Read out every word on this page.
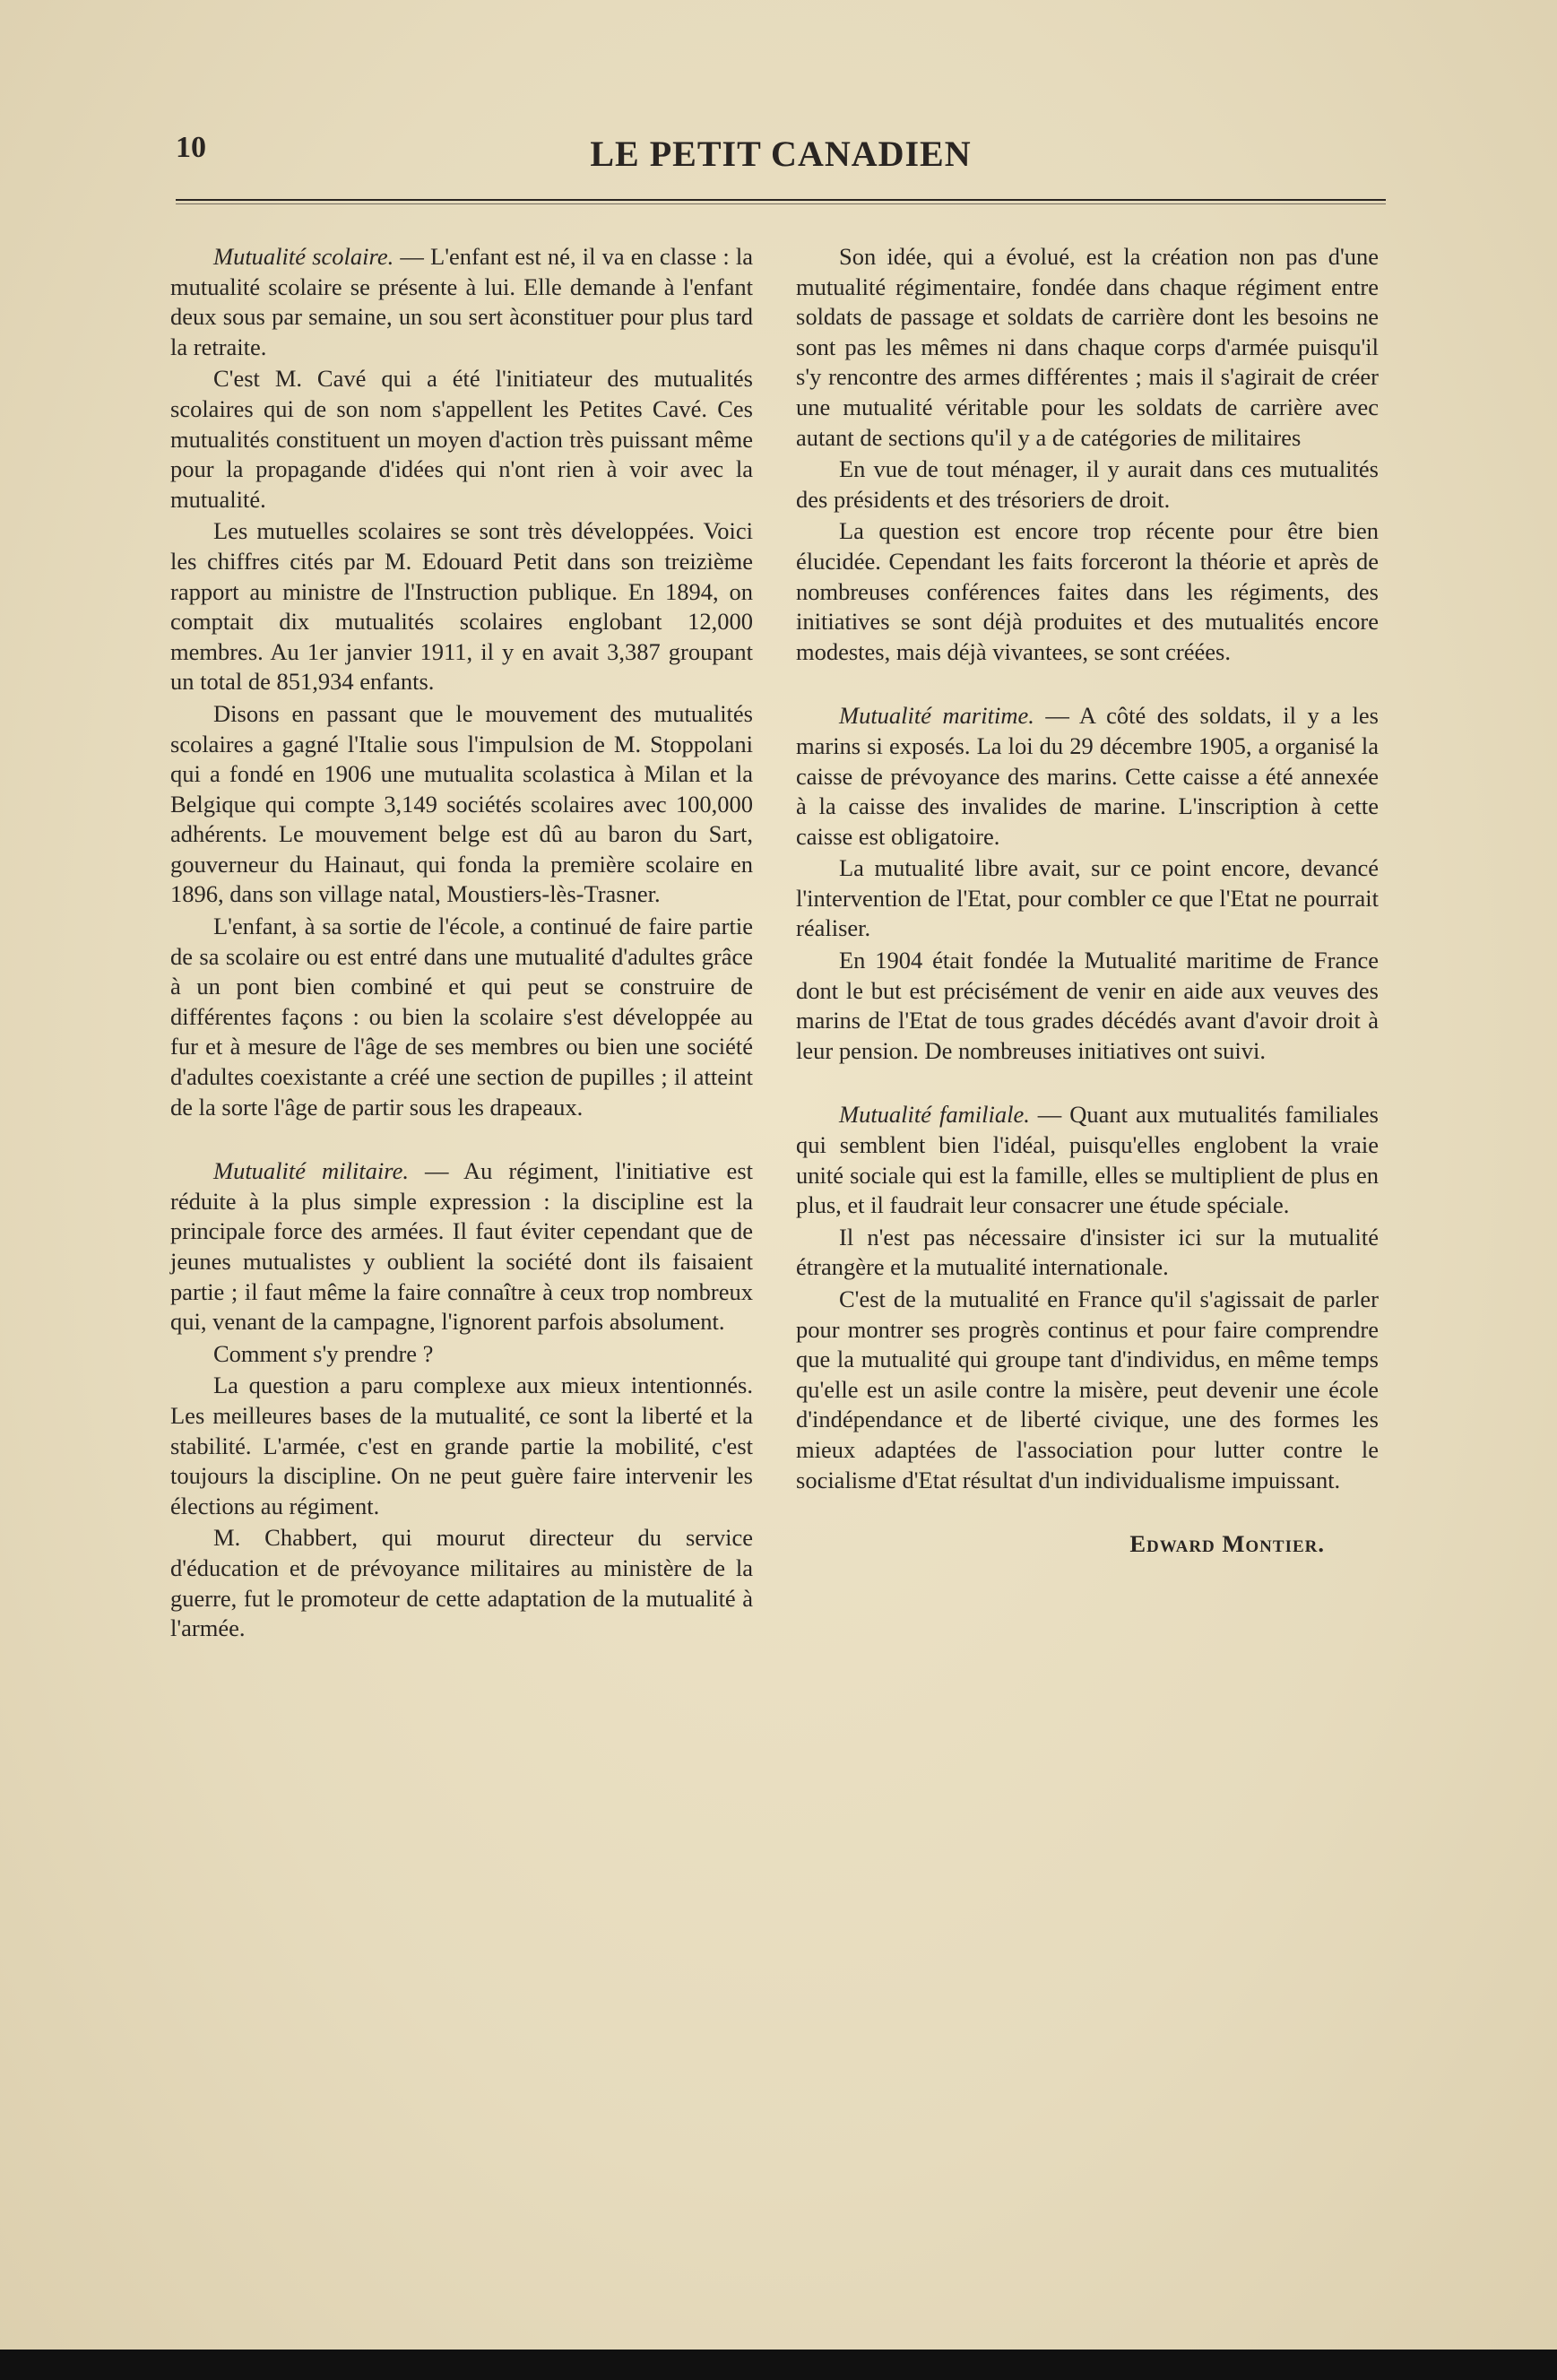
10	LE PETIT CANADIEN

Mutualité scolaire. — L'enfant est né, il va en classe : la mutualité scolaire se présente à lui. Elle demande à l'enfant deux sous par semaine, un sou sert àconstituer pour plus tard la retraite.

C'est M. Cavé qui a été l'initiateur des mutualités scolaires qui de son nom s'appellent les Petites Cavé. Ces mutualités constituent un moyen d'action très puissant même pour la propagande d'idées qui n'ont rien à voir avec la mutualité.

Les mutuelles scolaires se sont très développées. Voici les chiffres cités par M. Edouard Petit dans son treizième rapport au ministre de l'Instruction publique. En 1894, on comptait dix mutualités scolaires englobant 12,000 membres. Au 1er janvier 1911, il y en avait 3,387 groupant un total de 851,934 enfants.

Disons en passant que le mouvement des mutualités scolaires a gagné l'Italie sous l'impulsion de M. Stoppolani qui a fondé en 1906 une mutualita scolastica à Milan et la Belgique qui compte 3,149 sociétés scolaires avec 100,000 adhérents. Le mouvement belge est dû au baron du Sart, gouverneur du Hainaut, qui fonda la première scolaire en 1896, dans son village natal, Moustiers-lès-Trasner.

L'enfant, à sa sortie de l'école, a continué de faire partie de sa scolaire ou est entré dans une mutualité d'adultes grâce à un pont bien combiné et qui peut se construire de différentes façons : ou bien la scolaire s'est développée au fur et à mesure de l'âge de ses membres ou bien une société d'adultes coexistante a créé une section de pupilles ; il atteint de la sorte l'âge de partir sous les drapeaux.

Mutualité militaire. — Au régiment, l'initiative est réduite à la plus simple expression : la discipline est la principale force des armées. Il faut éviter cependant que de jeunes mutualistes y oublient la société dont ils faisaient partie ; il faut même la faire connaître à ceux trop nombreux qui, venant de la campagne, l'ignorent parfois absolument.

Comment s'y prendre ?

La question a paru complexe aux mieux intentionnés. Les meilleures bases de la mutualité, ce sont la liberté et la stabilité. L'armée, c'est en grande partie la mobilité, c'est toujours la discipline. On ne peut guère faire intervenir les élections au régiment.

M. Chabbert, qui mourut directeur du service d'éducation et de prévoyance militaires au ministère de la guerre, fut le promoteur de cette adaptation de la mutualité à l'armée.

Son idée, qui a évolué, est la création non pas d'une mutualité régimentaire, fondée dans chaque régiment entre soldats de passage et soldats de carrière dont les besoins ne sont pas les mêmes ni dans chaque corps d'armée puisqu'il s'y rencontre des armes différentes ; mais il s'agirait de créer une mutualité véritable pour les soldats de carrière avec autant de sections qu'il y a de catégories de militaires

En vue de tout ménager, il y aurait dans ces mutualités des présidents et des trésoriers de droit.

La question est encore trop récente pour être bien élucidée. Cependant les faits forceront la théorie et après de nombreuses conférences faites dans les régiments, des initiatives se sont déjà produites et des mutualités encore modestes, mais déjà vivantees, se sont créées.

Mutualité maritime. — A côté des soldats, il y a les marins si exposés. La loi du 29 décembre 1905, a organisé la caisse de prévoyance des marins. Cette caisse a été annexée à la caisse des invalides de marine. L'inscription à cette caisse est obligatoire.

La mutualité libre avait, sur ce point encore, devancé l'intervention de l'Etat, pour combler ce que l'Etat ne pourrait réaliser.

En 1904 était fondée la Mutualité maritime de France dont le but est précisément de venir en aide aux veuves des marins de l'Etat de tous grades décédés avant d'avoir droit à leur pension. De nombreuses initiatives ont suivi.

Mutualité familiale. — Quant aux mutualités familiales qui semblent bien l'idéal, puisqu'elles englobent la vraie unité sociale qui est la famille, elles se multiplient de plus en plus, et il faudrait leur consacrer une étude spéciale.

Il n'est pas nécessaire d'insister ici sur la mutualité étrangère et la mutualité internationale.

C'est de la mutualité en France qu'il s'agissait de parler pour montrer ses progrès continus et pour faire comprendre que la mutualité qui groupe tant d'individus, en même temps qu'elle est un asile contre la misère, peut devenir une école d'indépendance et de liberté civique, une des formes les mieux adaptées de l'association pour lutter contre le socialisme d'Etat résultat d'un individualisme impuissant.

Edward Montier.
